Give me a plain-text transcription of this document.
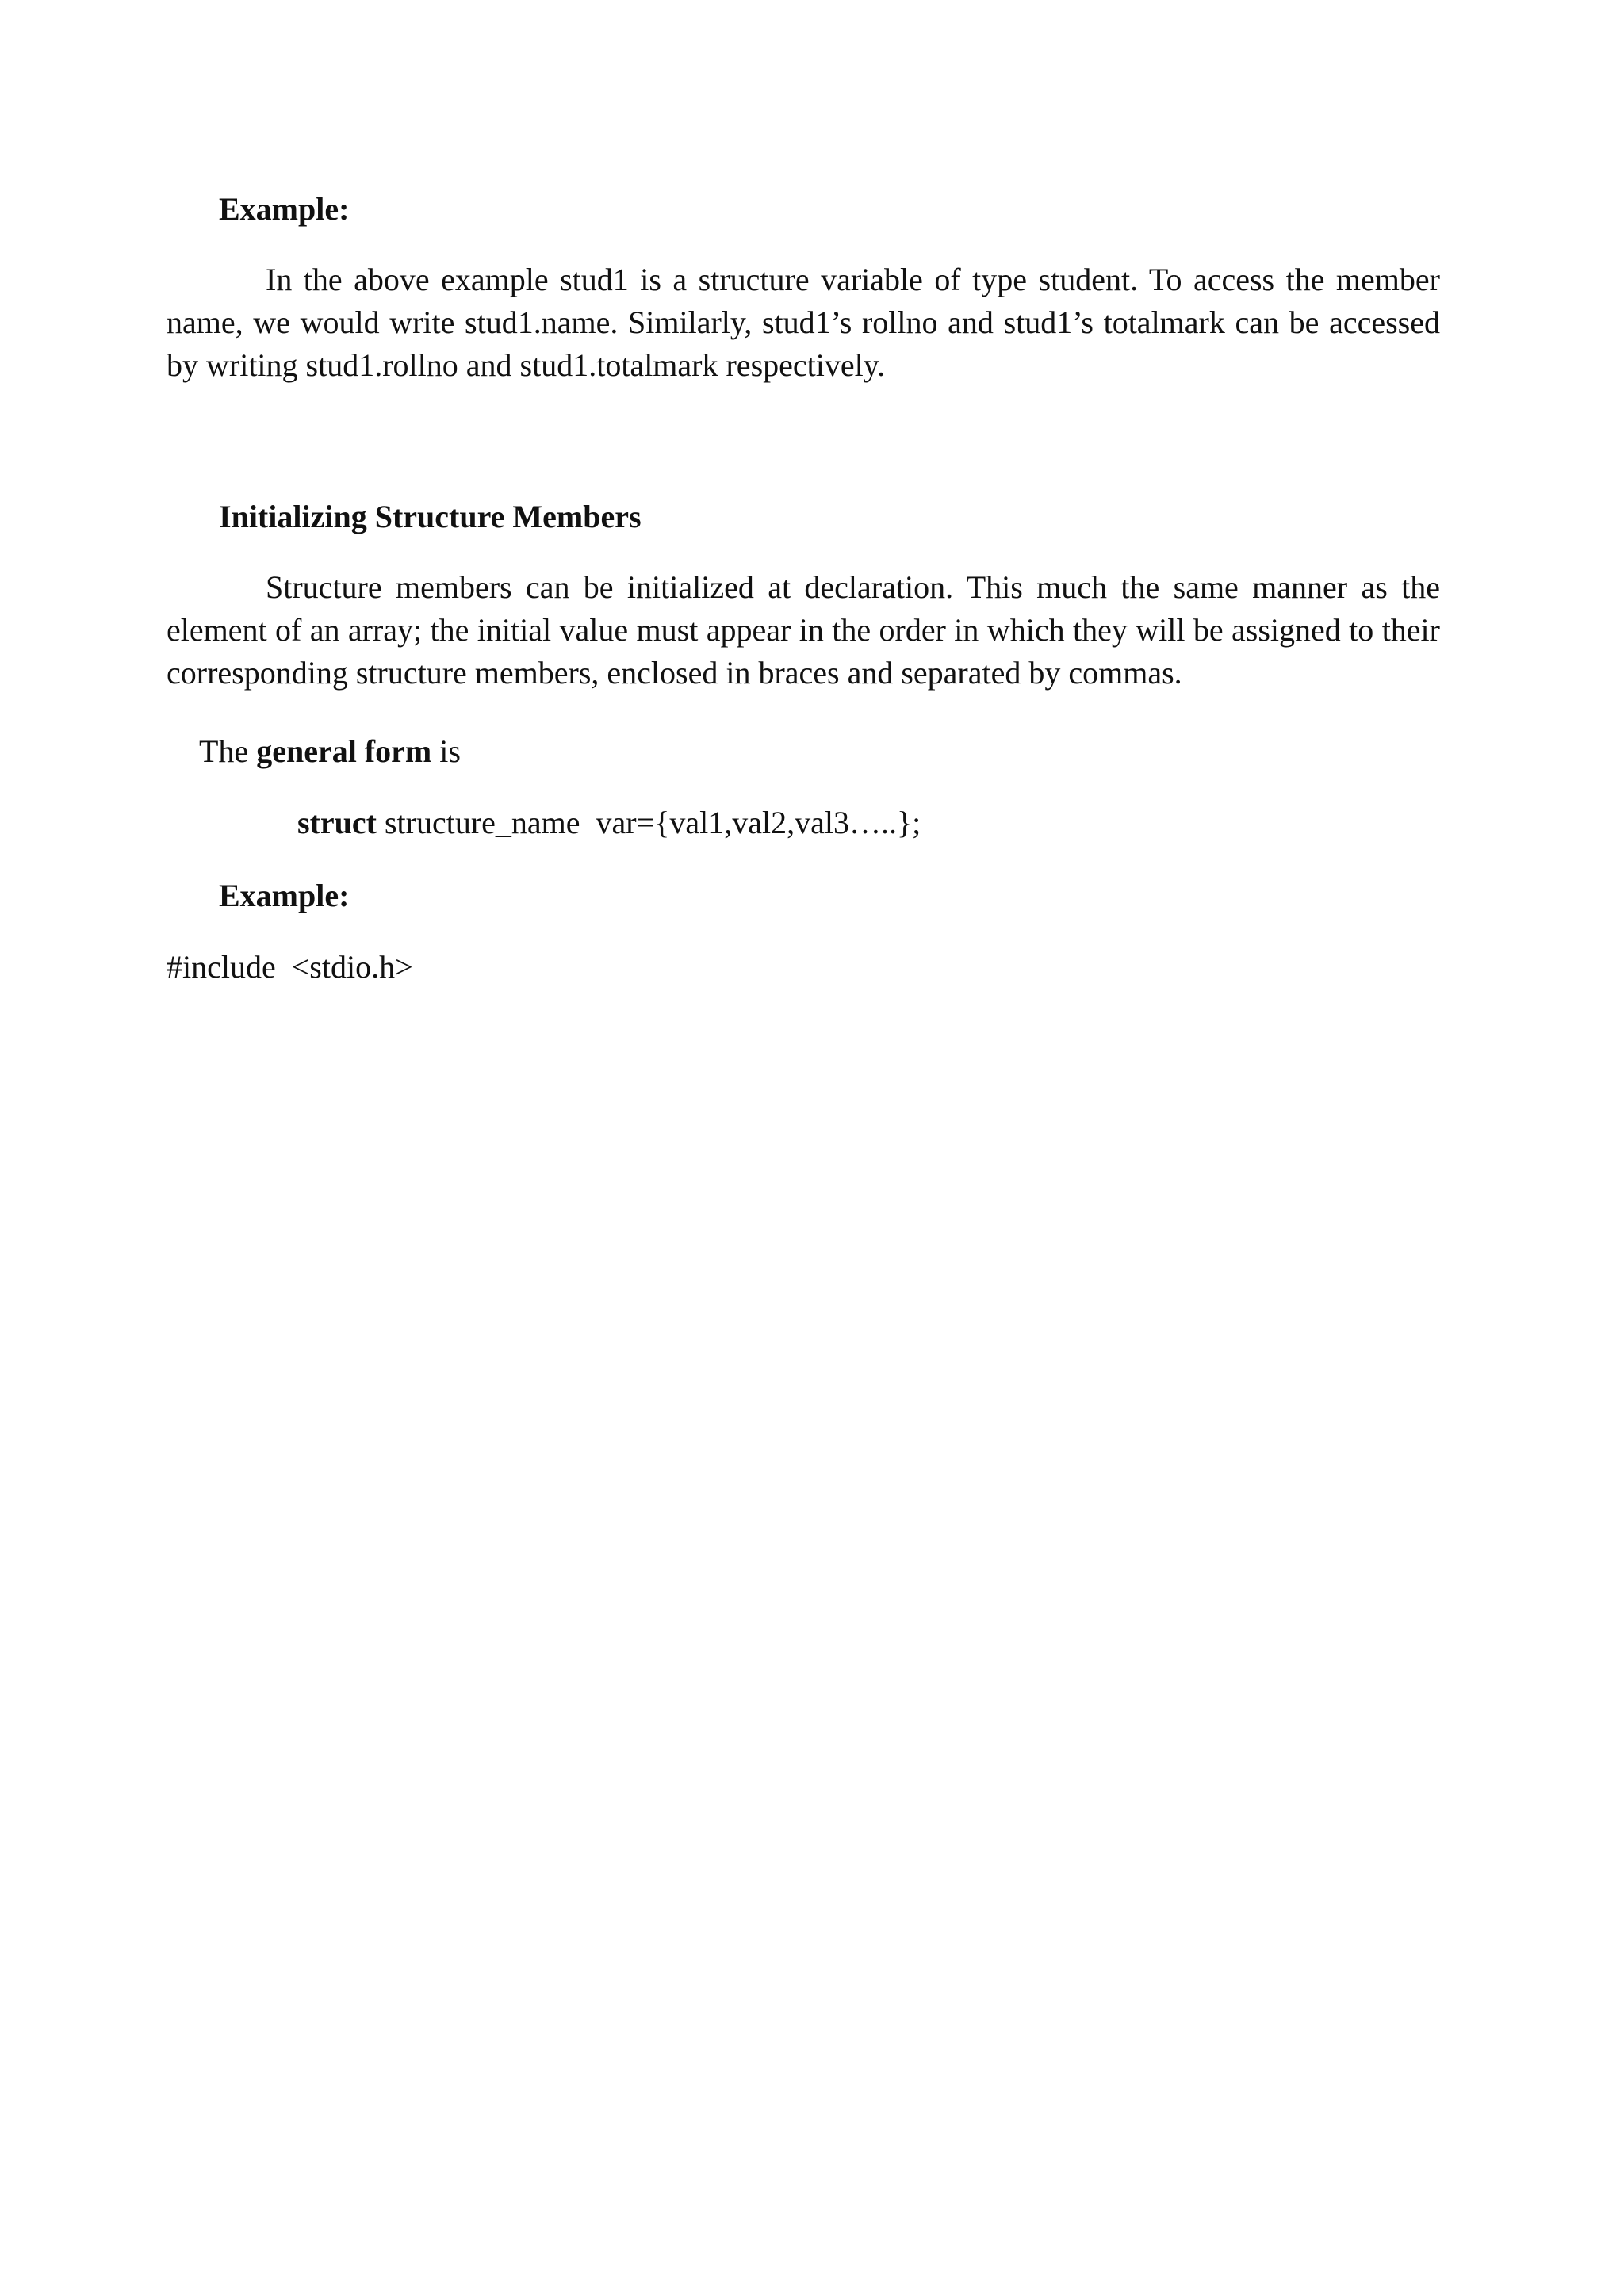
Example:

In the above example stud1 is a structure variable of type student. To access the member name, we would write stud1.name. Similarly, stud1’s rollno and stud1’s totalmark can be accessed by writing stud1.rollno and stud1.totalmark respectively.

Initializing Structure Members

Structure members can be initialized at declaration. This much the same manner as the element of an array; the initial value must appear in the order in which they will be assigned to their corresponding structure members, enclosed in braces and separated by commas.

The general form is

struct structure_name  var={val1,val2,val3…..};

Example:

#include  <stdio.h>
